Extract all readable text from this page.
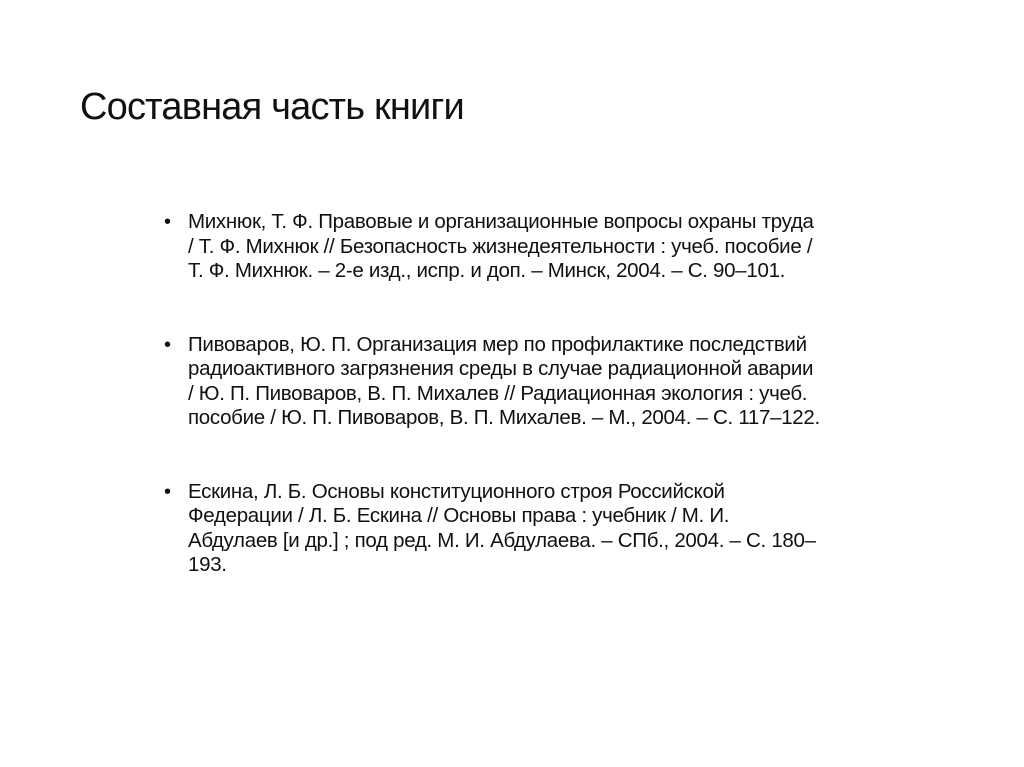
Составная часть книги
• Михнюк, Т. Ф. Правовые и организационные вопросы охраны труда
/ Т. Ф. Михнюк // Безопасность жизнедеятельности : учеб. пособие /
Т. Ф. Михнюк. – 2-е изд., испр. и доп. – Минск, 2004. – С. 90–101.
• Пивоваров, Ю. П. Организация мер по профилактике последствий
радиоактивного загрязнения среды в случае радиационной аварии
/ Ю. П. Пивоваров, В. П. Михалев // Радиационная экология : учеб.
пособие / Ю. П. Пивоваров, В. П. Михалев. – М., 2004. – С. 117–122.
• Ескина, Л. Б. Основы конституционного строя Российской
Федерации / Л. Б. Ескина // Основы права : учебник / М. И.
Абдулаев [и др.] ; под ред. М. И. Абдулаева. – СПб., 2004. – С. 180–
193.
